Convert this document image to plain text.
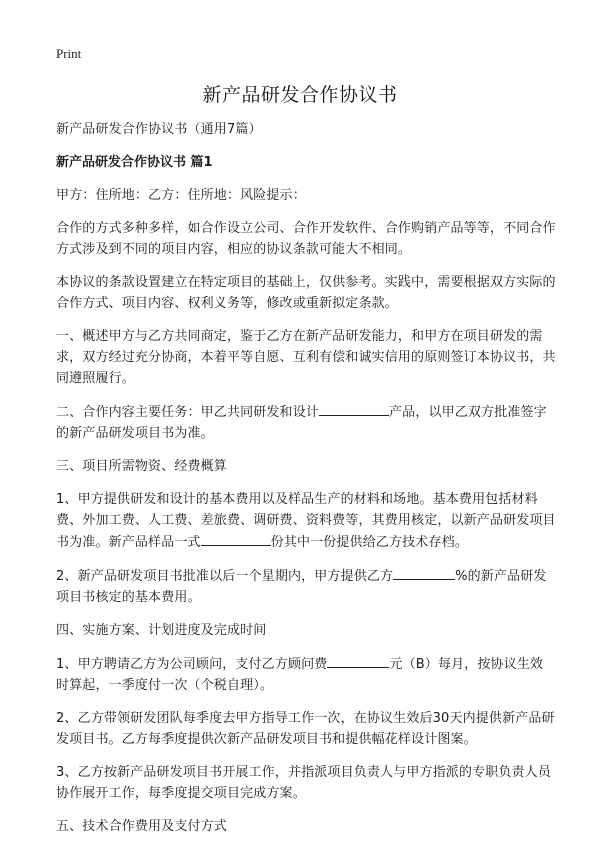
Print
新产品研发合作协议书

新产品研发合作协议书（通用7篇）

新产品研发合作协议书 篇1

甲方：住所地：乙方：住所地：风险提示：

合作的方式多种多样，如合作设立公司、合作开发软件、合作购销产品等等，不同合作方式涉及到不同的项目内容，相应的协议条款可能大不相同。

本协议的条款设置建立在特定项目的基础上，仅供参考。实践中，需要根据双方实际的合作方式、项目内容、权利义务等，修改或重新拟定条款。

一、概述甲方与乙方共同商定，鉴于乙方在新产品研发能力，和甲方在项目研发的需求，双方经过充分协商，本着平等自愿、互利有偿和诚实信用的原则签订本协议书，共同遵照履行。

二、合作内容主要任务：甲乙共同研发和设计	产品，以甲乙双方批准签字的新产品研发项目书为准。

三、项目所需物资、经费概算

1、甲方提供研发和设计的基本费用以及样品生产的材料和场地。基本费用包括材料费、外加工费、人工费、差旅费、调研费、资料费等，其费用核定，以新产品研发项目书为准。新产品样品一式	份其中一份提供给乙方技术存档。

2、新产品研发项目书批准以后一个星期内，甲方提供乙方	%的新产品研发项目书核定的基本费用。

四、实施方案、计划进度及完成时间

1、甲方聘请乙方为公司顾问，支付乙方顾问费	元（B）每月，按协议生效时算起，一季度付一次（个税自理）。

2、乙方带领研发团队每季度去甲方指导工作一次，在协议生效后30天内提供新产品研发项目书。乙方每季度提供次新产品研发项目书和提供幅花样设计图案。

3、乙方按新产品研发项目书开展工作，并指派项目负责人与甲方指派的专职负责人员协作展开工作，每季度提交项目完成方案。

五、技术合作费用及支付方式
